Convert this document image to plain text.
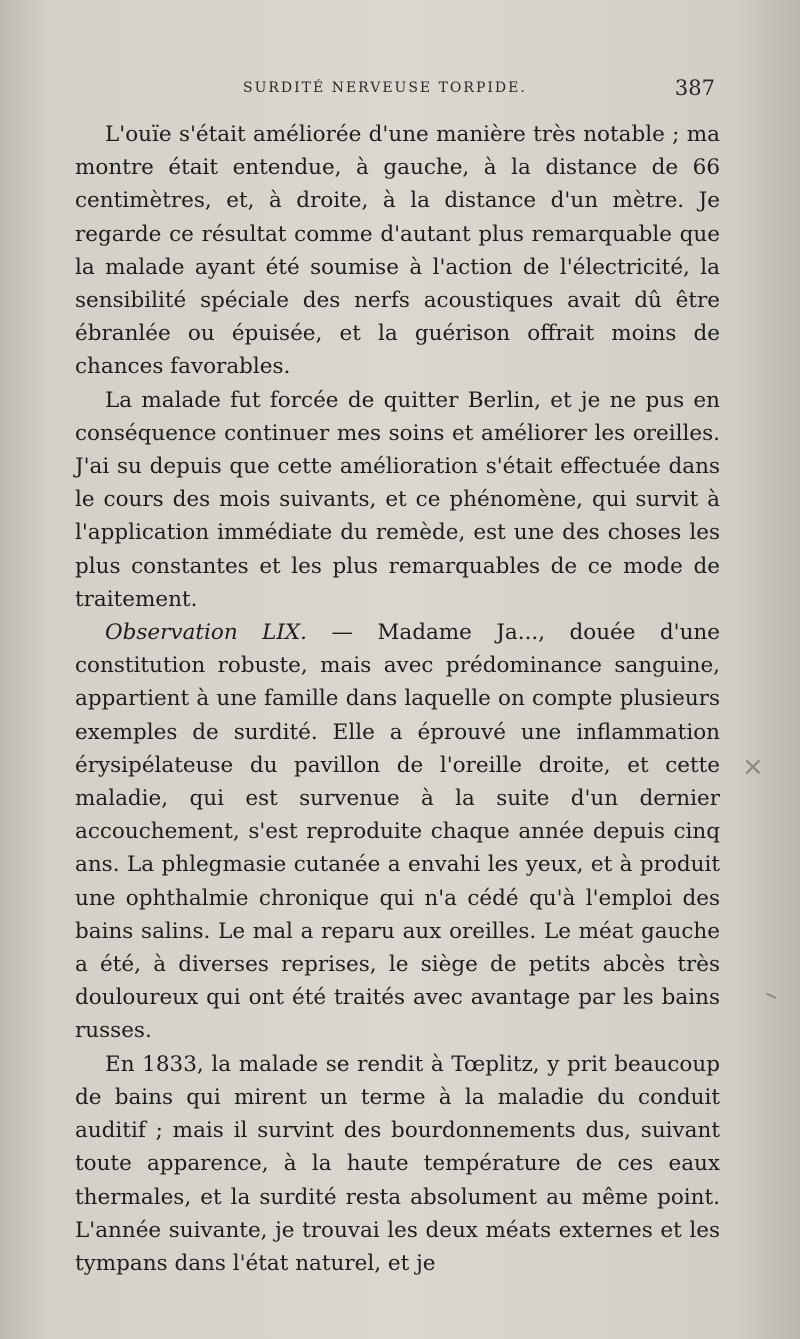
SURDITÉ NERVEUSE TORPIDE.	387

L'ouïe s'était améliorée d'une manière très notable ; ma montre était entendue, à gauche, à la distance de 66 centimètres, et, à droite, à la distance d'un mètre. Je regarde ce résultat comme d'autant plus remarquable que la malade ayant été soumise à l'action de l'électricité, la sensibilité spéciale des nerfs acoustiques avait dû être ébranlée ou épuisée, et la guérison offrait moins de chances favorables.

La malade fut forcée de quitter Berlin, et je ne pus en conséquence continuer mes soins et améliorer les oreilles. J'ai su depuis que cette amélioration s'était effectuée dans le cours des mois suivants, et ce phénomène, qui survit à l'application immédiate du remède, est une des choses les plus constantes et les plus remarquables de ce mode de traitement.

Observation LIX. — Madame Ja..., douée d'une constitution robuste, mais avec prédominance sanguine, appartient à une famille dans laquelle on compte plusieurs exemples de surdité. Elle a éprouvé une inflammation érysipélateuse du pavillon de l'oreille droite, et cette maladie, qui est survenue à la suite d'un dernier accouchement, s'est reproduite chaque année depuis cinq ans. La phlegmasie cutanée a envahi les yeux, et à produit une ophthalmie chronique qui n'a cédé qu'à l'emploi des bains salins. Le mal a reparu aux oreilles. Le méat gauche a été, à diverses reprises, le siège de petits abcès très douloureux qui ont été traités avec avantage par les bains russes.

En 1833, la malade se rendit à Tœplitz, y prit beaucoup de bains qui mirent un terme à la maladie du conduit auditif ; mais il survint des bourdonnements dus, suivant toute apparence, à la haute température de ces eaux thermales, et la surdité resta absolument au même point. L'année suivante, je trouvai les deux méats externes et les tympans dans l'état naturel, et je

×
–
